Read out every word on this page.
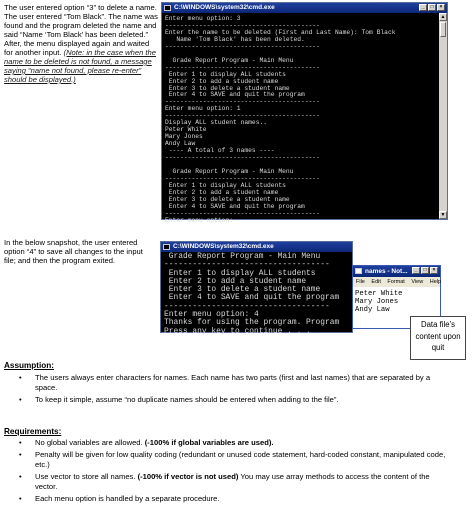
The user entered option “3” to delete a name. The user entered “Tom Black”. The name was found and the program deleted the name and said “Name ‘Tom Black’ has been deleted.” After, the menu displayed again and waited for another input. (Note: in the case when the name to be deleted is not found, a message saying “name not found, please re-enter” should be displayed.)
C:\WINDOWS\system32\cmd.exe	_	□	×
Enter menu option: 3
-----------------------------------------
Enter the name to be deleted (First and Last Name): Tom Black
Name 'Tom Black' has been deleted.
-----------------------------------------

Grade Report Program - Main Menu
-----------------------------------------
Enter 1 to display ALL students
Enter 2 to add a student name
Enter 3 to delete a student name
Enter 4 to SAVE and quit the program
-----------------------------------------
Enter menu option: 1
-----------------------------------------
Display ALL student names..
Peter White
Mary Jones
Andy Law
---- A total of 3 names ----
-----------------------------------------

Grade Report Program - Main Menu
-----------------------------------------
Enter 1 to display ALL students
Enter 2 to add a student name
Enter 3 to delete a student name
Enter 4 to SAVE and quit the program
-----------------------------------------
Enter menu option:
▲
▼
In the below snapshot, the user entered option “4” to save all changes to the input file; and then the program exited.
C:\WINDOWS\system32\cmd.exe
Grade Report Program - Main Menu
-----------------------------------
Enter 1 to display ALL students
Enter 2 to add a student name
Enter 3 to delete a student name
Enter 4 to SAVE and quit the program
-----------------------------------
Enter menu option: 4
Thanks for using the program. Program
Press any key to continue . . .
names - Not...	_	□	×
File Edit Format View Help
Peter White
Mary Jones
Andy Law
Data file’s content upon quit
Assumption:
• The users always enter characters for names. Each name has two parts (first and last names) that are separated by a space.
• To keep it simple, assume “no duplicate names should be entered when adding to the file”.
Requirements:
• No global variables are allowed. (-100% if global variables are used).
• Penalty will be given for low quality coding (redundant or unused code statement, hard-coded constant, manipulated code, etc.)
• Use vector to store all names. (-100% if vector is not used) You may use array methods to access the content of the vector.
• Each menu option is handled by a separate procedure.
